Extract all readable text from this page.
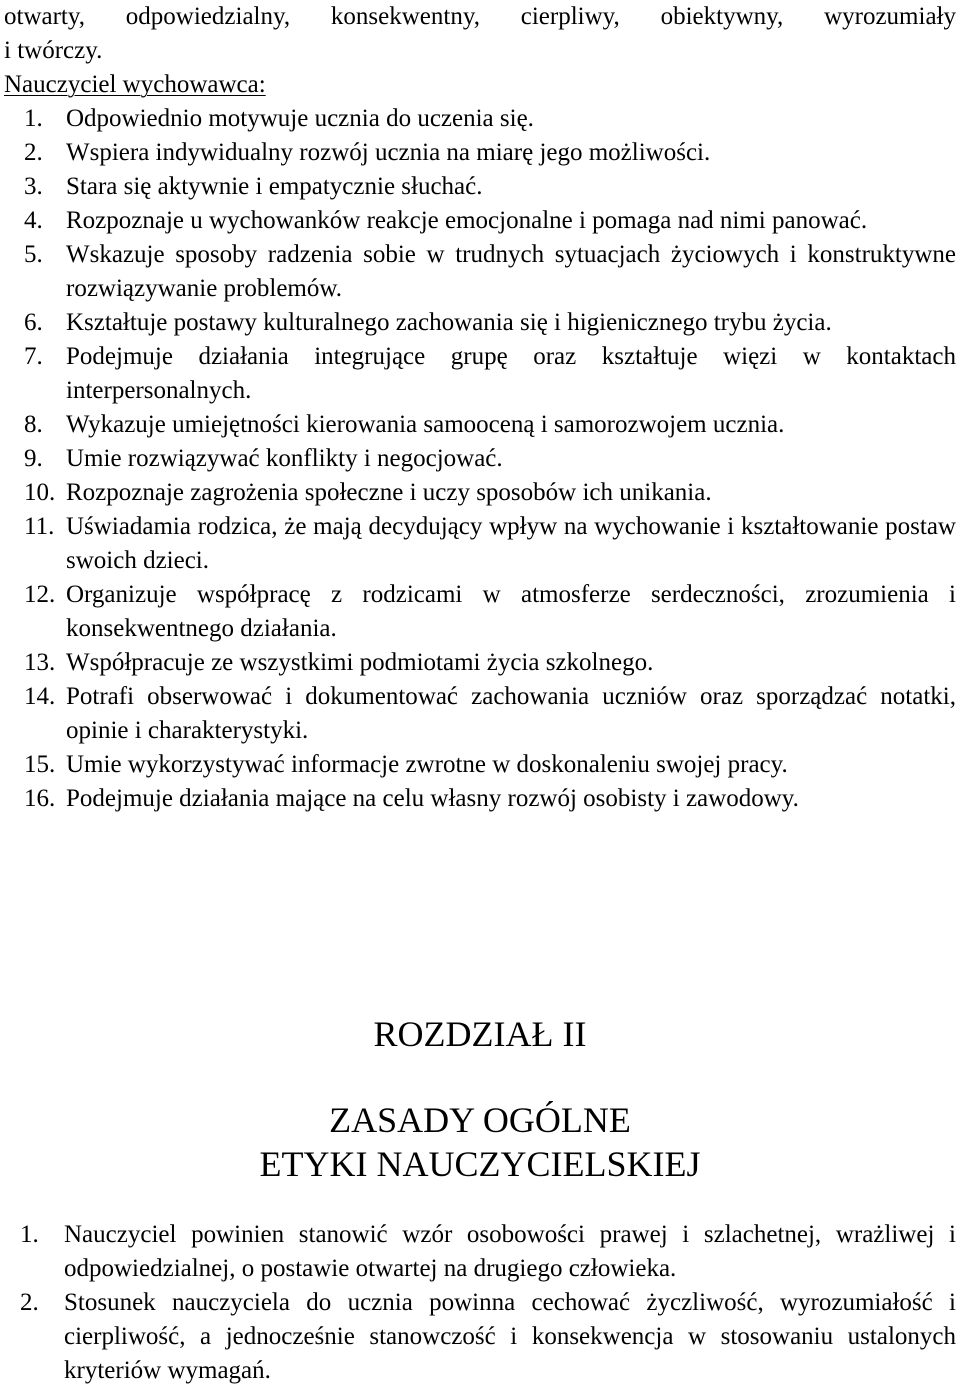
otwarty, odpowiedzialny, konsekwentny, cierpliwy, obiektywny, wyrozumiały
i twórczy.
Nauczyciel wychowawca:
1. Odpowiednio motywuje ucznia do uczenia się.
2. Wspiera indywidualny rozwój ucznia na miarę jego możliwości.
3. Stara się aktywnie i empatycznie słuchać.
4. Rozpoznaje u wychowanków reakcje emocjonalne i pomaga nad nimi panować.
5. Wskazuje sposoby radzenia sobie w trudnych sytuacjach życiowych i konstruktywne rozwiązywanie problemów.
6. Kształtuje postawy kulturalnego zachowania się i higienicznego trybu życia.
7. Podejmuje działania integrujące grupę oraz kształtuje więzi w kontaktach interpersonalnych.
8. Wykazuje umiejętności kierowania samooceną i samorozwojem ucznia.
9. Umie rozwiązywać konflikty i negocjować.
10. Rozpoznaje zagrożenia społeczne i uczy sposobów ich unikania.
11. Uświadamia rodzica, że mają decydujący wpływ na wychowanie i kształtowanie postaw swoich dzieci.
12. Organizuje współpracę z rodzicami w atmosferze serdeczności, zrozumienia i konsekwentnego działania.
13. Współpracuje ze wszystkimi podmiotami życia szkolnego.
14. Potrafi obserwować i dokumentować zachowania uczniów oraz sporządzać notatki, opinie i charakterystyki.
15. Umie wykorzystywać informacje zwrotne w doskonaleniu swojej pracy.
16. Podejmuje działania mające na celu własny rozwój osobisty i zawodowy.
ROZDZIAŁ II
ZASADY OGÓLNE
ETYKI NAUCZYCIELSKIEJ
1.	Nauczyciel powinien stanowić wzór osobowości prawej i szlachetnej, wrażliwej i odpowiedzialnej, o postawie otwartej na drugiego człowieka.
2.	Stosunek nauczyciela do ucznia powinna cechować życzliwość, wyrozumiałość i cierpliwość, a jednocześnie stanowczość i konsekwencja w stosowaniu ustalonych kryteriów wymagań.
